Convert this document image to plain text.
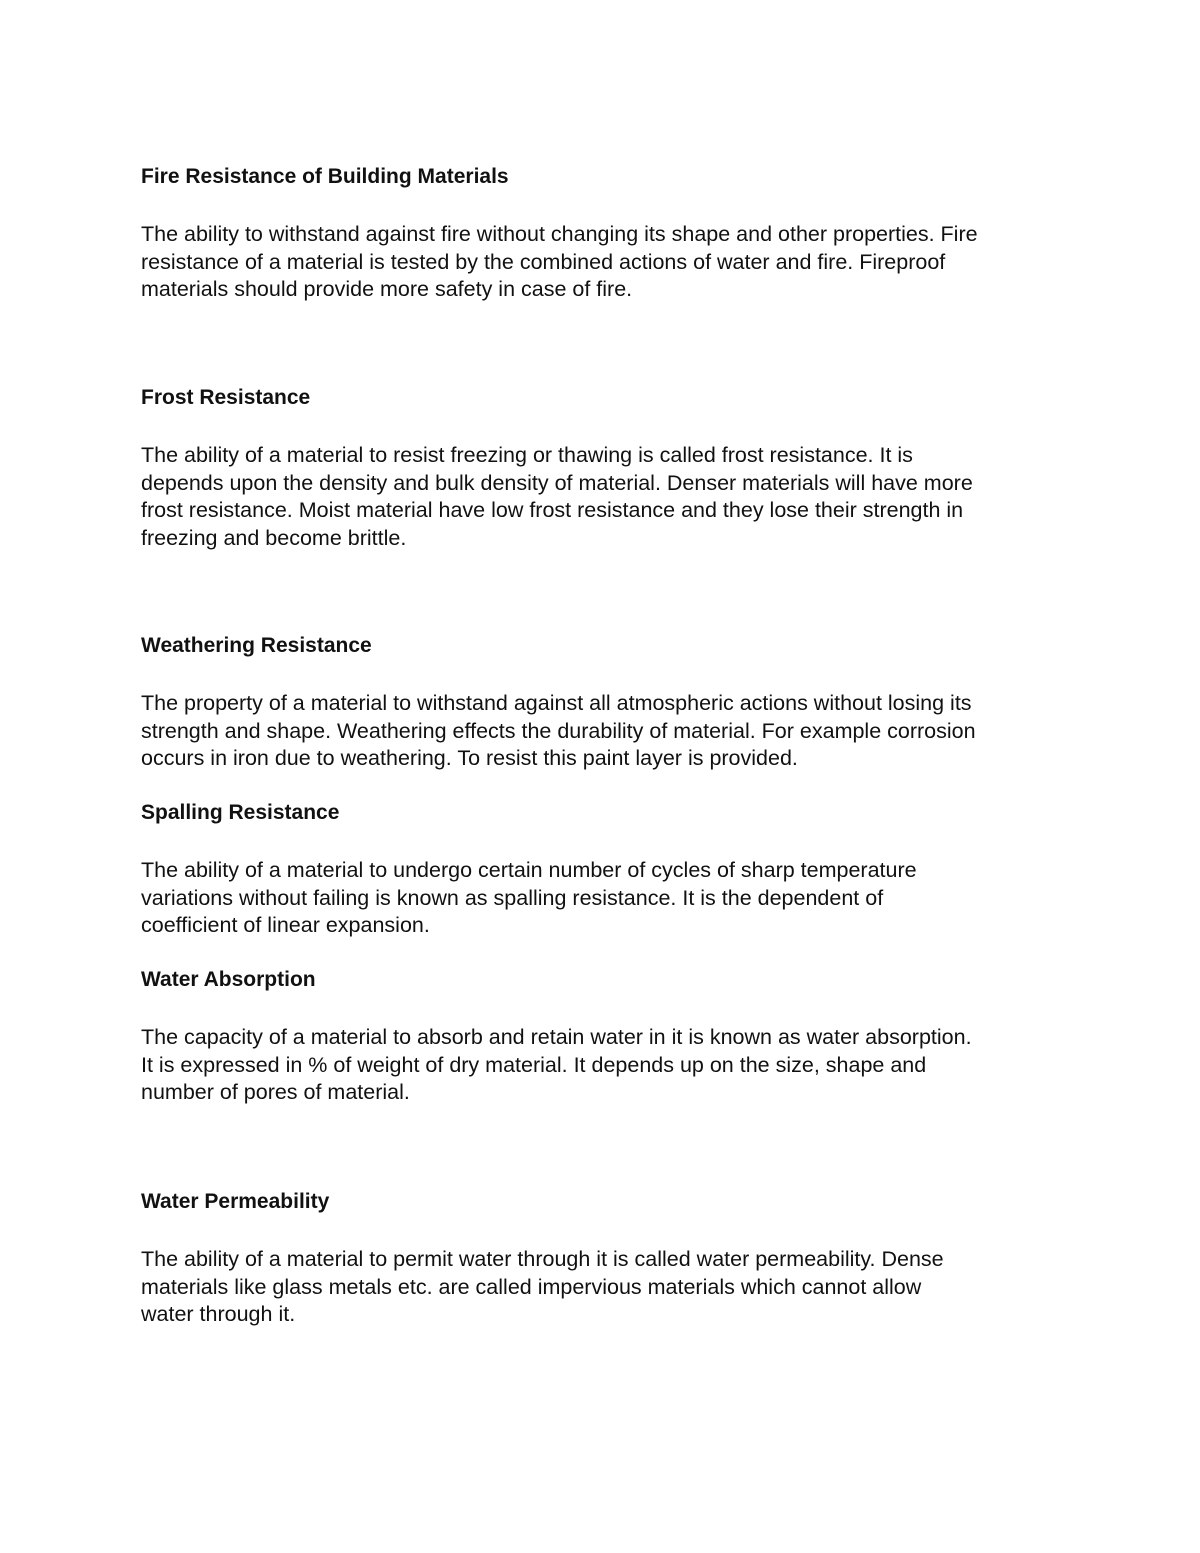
Fire Resistance of Building Materials

The ability to withstand against fire without changing its shape and other properties. Fire
resistance of a material is tested by the combined actions of water and fire. Fireproof
materials should provide more safety in case of fire.

Frost Resistance

The ability of a material to resist freezing or thawing is called frost resistance. It is
depends upon the density and bulk density of material. Denser materials will have more
frost resistance. Moist material have low frost resistance and they lose their strength in
freezing and become brittle.

Weathering Resistance

The property of a material to withstand against all atmospheric actions without losing its
strength and shape. Weathering effects the durability of material. For example corrosion
occurs in iron due to weathering. To resist this paint layer is provided.

Spalling Resistance

The ability of a material to undergo certain number of cycles of sharp temperature
variations without failing is known as spalling resistance. It is the dependent of
coefficient of linear expansion.

Water Absorption

The capacity of a material to absorb and retain water in it is known as water absorption.
It is expressed in % of weight of dry material. It depends up on the size, shape and
number of pores of material.

Water Permeability

The ability of a material to permit water through it is called water permeability. Dense
materials like glass metals etc. are called impervious materials which cannot allow
water through it.
